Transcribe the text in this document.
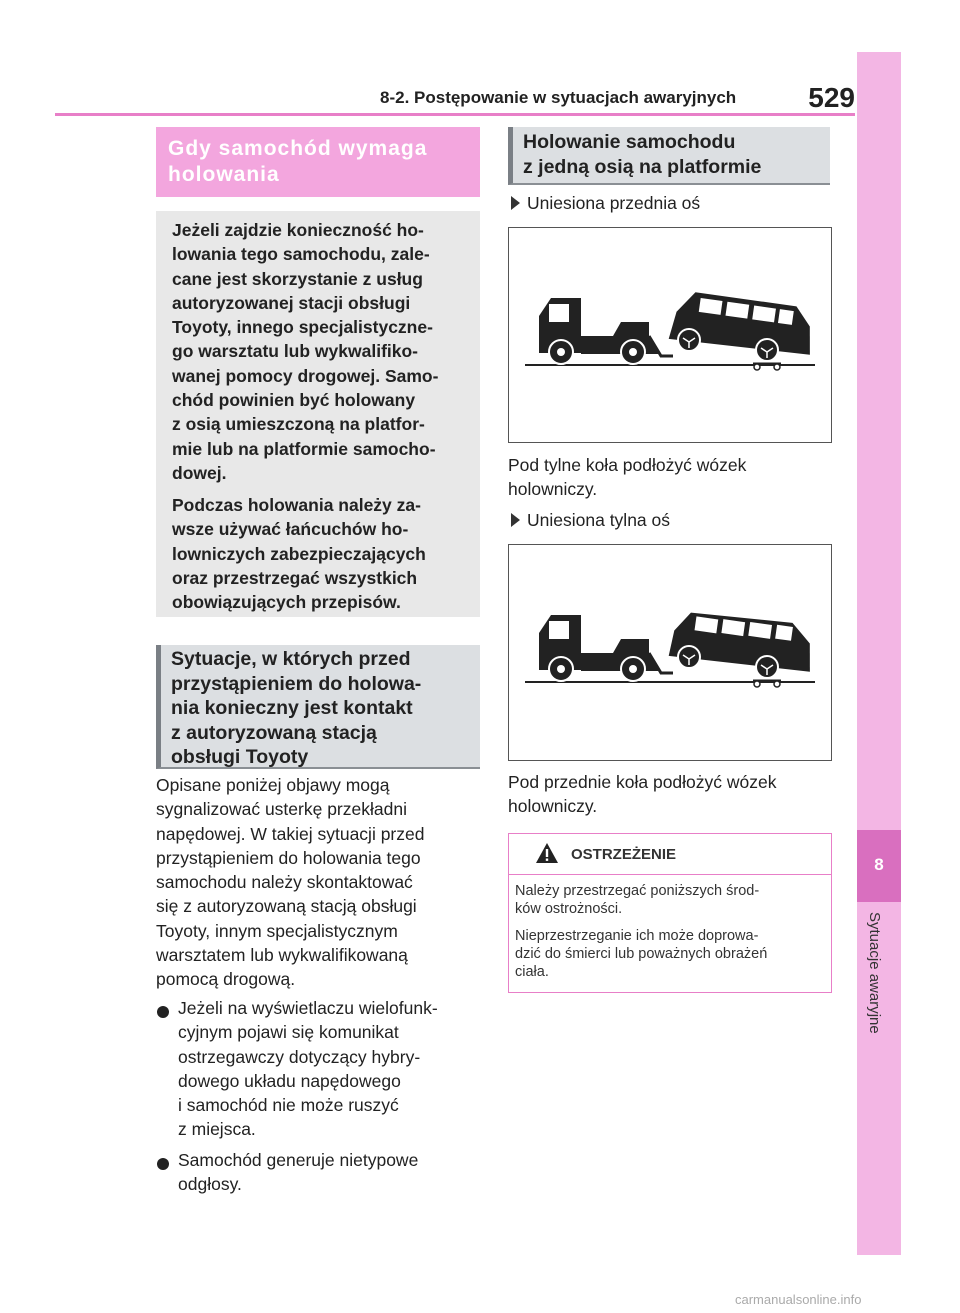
8-2. Postępowanie w sytuacjach awaryjnych	529
8
Sytuacje awaryjne
Gdy samochód wymaga
holowania

Jeżeli zajdzie konieczność ho-
lowania tego samochodu, zale-
cane jest skorzystanie z usług
autoryzowanej stacji obsługi
Toyoty, innego specjalistyczne-
go warsztatu lub wykwalifiko-
wanej pomocy drogowej. Samo-
chód powinien być holowany
z osią umieszczoną na platfor-
mie lub na platformie samocho-
dowej.

Podczas holowania należy za-
wsze używać łańcuchów ho-
lowniczych zabezpieczających
oraz przestrzegać wszystkich
obowiązujących przepisów.

Sytuacje, w których przed
przystąpieniem do holowa-
nia konieczny jest kontakt
z autoryzowaną stacją
obsługi Toyoty

Opisane poniżej objawy mogą
sygnalizować usterkę przekładni
napędowej. W takiej sytuacji przed
przystąpieniem do holowania tego
samochodu należy skontaktować
się z autoryzowaną stacją obsługi
Toyoty, innym specjalistycznym
warsztatem lub wykwalifikowaną
pomocą drogową.

Jeżeli na wyświetlaczu wielofunk-
cyjnym pojawi się komunikat
ostrzegawczy dotyczący hybry-
dowego układu napędowego
i samochód nie może ruszyć
z miejsca.

Samochód generuje nietypowe
odgłosy.

Holowanie samochodu
z jedną osią na platformie

Uniesiona przednia oś

Pod tylne koła podłożyć wózek
holowniczy.

Uniesiona tylna oś

Pod przednie koła podłożyć wózek
holowniczy.

OSTRZEŻENIE

Należy przestrzegać poniższych środ-
ków ostrożności.

Nieprzestrzeganie ich może doprowa-
dzić do śmierci lub poważnych obrażeń
ciała.

carmanualsonline.info
